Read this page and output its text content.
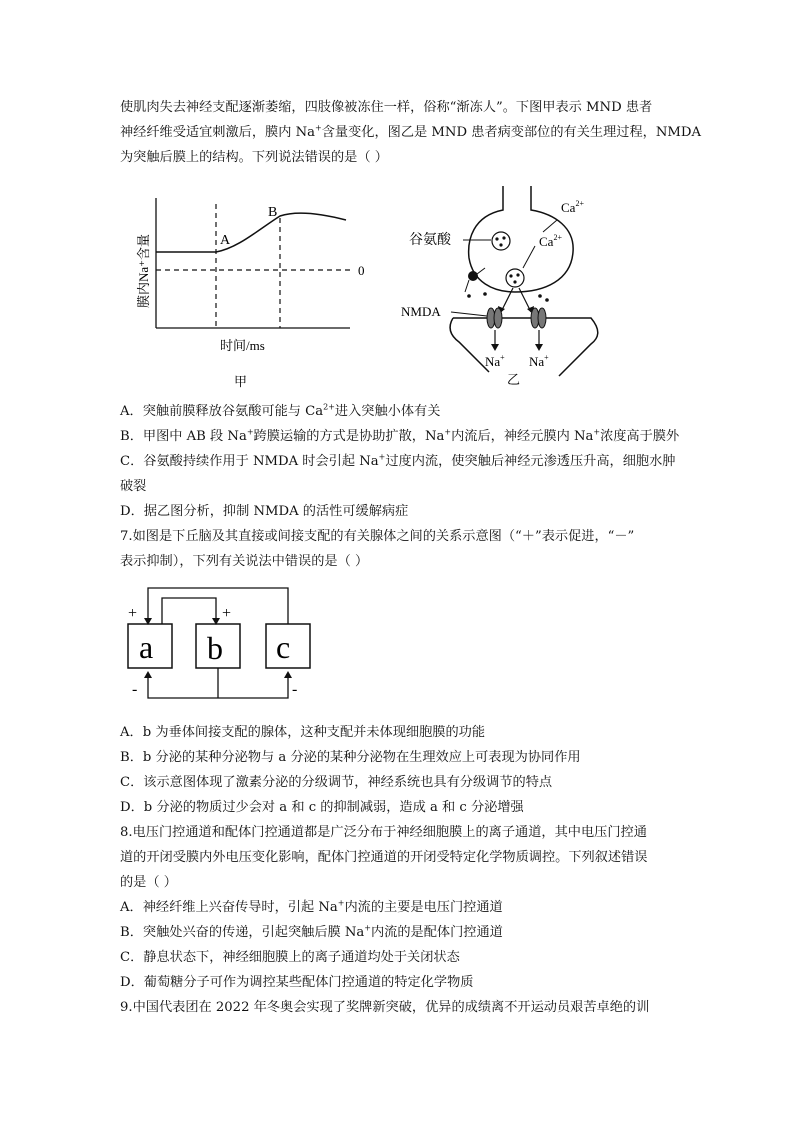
使肌肉失去神经支配逐渐萎缩，四肢像被冻住一样，俗称“渐冻人”。下图甲表示 MND 患者
神经纤维受适宜刺激后，膜内 Na+含量变化，图乙是 MND 患者病变部位的有关生理过程，NMDA
为突触后膜上的结构。下列说法错误的是（ ）
A
B
0
膜内Na⁺含量
时间/ms
甲
谷氨酸
$Ca^{2+}$
$Ca^{2+}$
NMDA
Na+ Na+
乙
A．突触前膜释放谷氨酸可能与 $Ca^{2+}$进入突触小体有关
B．甲图中 AB 段 Na+跨膜运输的方式是协助扩散，Na+内流后，神经元膜内 Na+浓度高于膜外
C．谷氨酸持续作用于 NMDA 时会引起 Na+过度内流，使突触后神经元渗透压升高，细胞水肿
破裂
D．据乙图分析，抑制 NMDA 的活性可缓解病症
7.如图是下丘脑及其直接或间接支配的有关腺体之间的关系示意图（“＋”表示促进，“－”
表示抑制），下列有关说法中错误的是（ ）
a b c
+	+
-	-
A．b 为垂体间接支配的腺体，这种支配并未体现细胞膜的功能
B．b 分泌的某种分泌物与 a 分泌的某种分泌物在生理效应上可表现为协同作用
C．该示意图体现了激素分泌的分级调节，神经系统也具有分级调节的特点
D．b 分泌的物质过少会对 a 和 c 的抑制减弱，造成 a 和 c 分泌增强
8.电压门控通道和配体门控通道都是广泛分布于神经细胞膜上的离子通道，其中电压门控通
道的开闭受膜内外电压变化影响，配体门控通道的开闭受特定化学物质调控。下列叙述错误
的是（ ）
A．神经纤维上兴奋传导时，引起 Na+内流的主要是电压门控通道
B．突触处兴奋的传递，引起突触后膜 Na+内流的是配体门控通道
C．静息状态下，神经细胞膜上的离子通道均处于关闭状态
D．葡萄糖分子可作为调控某些配体门控通道的特定化学物质
9.中国代表团在 2022 年冬奥会实现了奖牌新突破，优异的成绩离不开运动员艰苦卓绝的训
